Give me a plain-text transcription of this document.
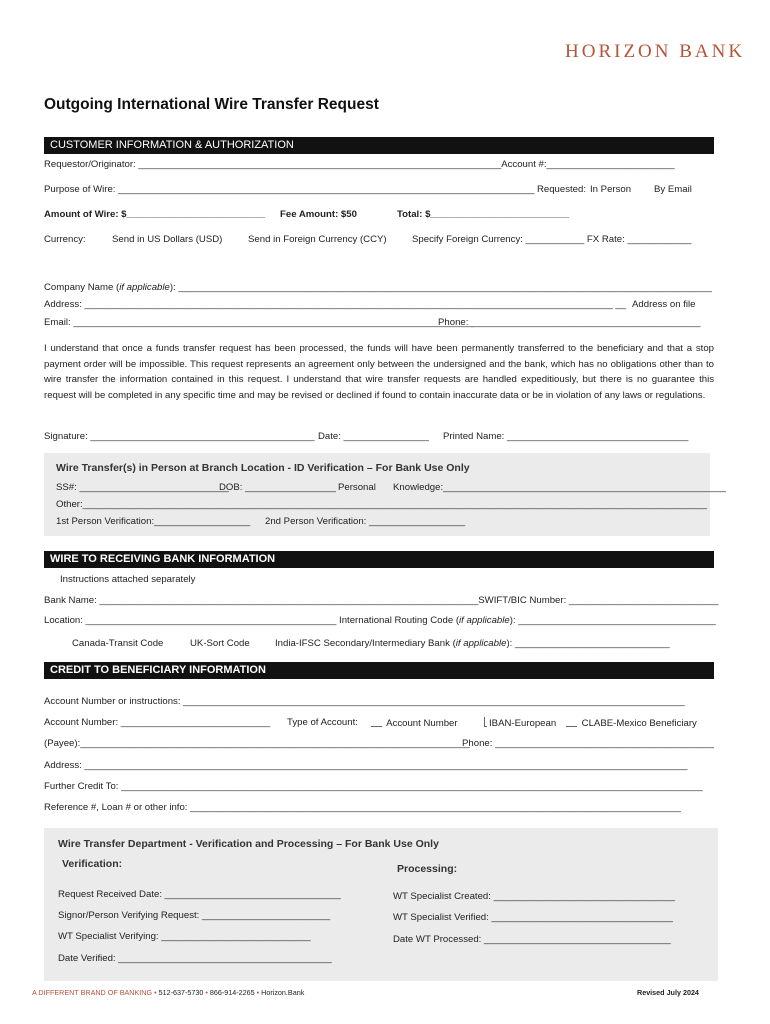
HORIZON BANK
Outgoing International Wire Transfer Request
CUSTOMER INFORMATION & AUTHORIZATION
Requestor/Originator: ____________________________________________________________________Account #:________________________
Purpose of Wire: ______________________________________________________________________________ Requested: In Person By Email
Amount of Wire: $__________________________ Fee Amount: $50	Total: $__________________________
Currency:	Send in US Dollars (USD)	Send in Foreign Currency (CCY)	Specify Foreign Currency: ___________ FX Rate: ____________
Company Name (if applicable): ____________________________________________________________________________________________________
Address: ___________________________________________________________________________________________________ __ Address on file
Email: ___________________________________________________________________________
Phone: ___________________________________________
I understand that once a funds transfer request has been processed, the funds will have been permanently transferred to the beneficiary and that a stop payment order will be impossible. This request represents an agreement only between the undersigned and the bank, which has no obligations other than to wire transfer the information contained in this request. I understand that wire transfer requests are handled expeditiously, but there is no guarantee this request will be completed in any specific time and may be revised or declined if found to contain inaccurate data or be in violation of any laws or regulations.
Signature: __________________________________________ Date: ________________ Printed Name: __________________________________
Wire Transfer(s) in Person at Branch Location - ID Verification – For Bank Use Only
SS#: ____________________________
DOB: _________________ Personal Knowledge:_____________________________________________________
Other:_____________________________________________________________________________________________________________________
1st Person Verification:__________________ 2nd Person Verification: __________________
WIRE TO RECEIVING BANK INFORMATION
Instructions attached separately
Bank Name: _______________________________________________________________________SWIFT/BIC Number: ____________________________
Location: _______________________________________________ International Routing Code (if applicable): _____________________________________
Canada-Transit Code	UK-Sort Code	India-IFSC Secondary/Intermediary Bank (if applicable): _____________________________
CREDIT TO BENEFICIARY INFORMATION
Account Number or instructions: ______________________________________________________________________________________________
Account Number: ____________________________ Type of Account:	Account Number	IBAN-European	CLABE-Mexico Beneficiary
(Payee):_________________________________________________________________________
Phone: _________________________________________
Address: _________________________________________________________________________________________________________________
Further Credit To: _____________________________________________________________________________________________________________
Reference #, Loan # or other info: ____________________________________________________________________________________________
Wire Transfer Department - Verification and Processing – For Bank Use Only
Verification:	Processing:
Request Received Date: _________________________________
Signor/Person Verifying Request: ________________________
WT Specialist Verifying: ____________________________
Date Verified: ________________________________________
WT Specialist Created: __________________________________
WT Specialist Verified: __________________________________
Date WT Processed: ___________________________________
A DIFFERENT BRAND OF BANKING • 512-637-5730 • 866-914-2265 • Horizon.Bank	Revised July 2024
